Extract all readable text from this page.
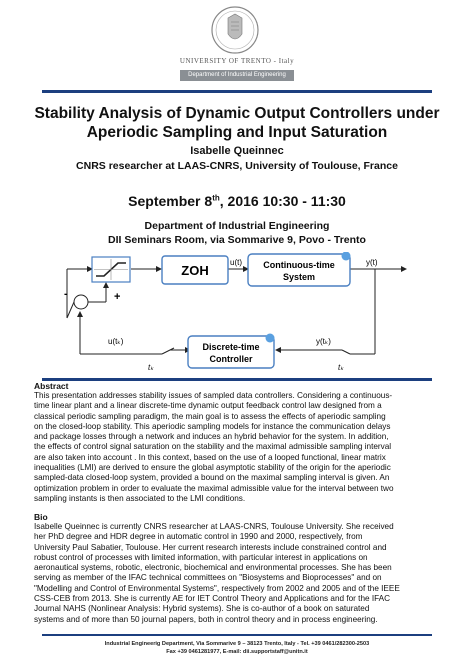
UNIVERSITY OF TRENTO - Italy
Department of Industrial Engineering
Stability Analysis of Dynamic Output Controllers under Aperiodic Sampling and Input Saturation
Isabelle Queinnec
CNRS researcher at LAAS-CNRS, University of Toulouse, France
September 8th, 2016 10:30 - 11:30
Department of Industrial Engineering
DII Seminars Room, via Sommarive 9, Povo - Trento
-	+
ZOH
u(t) Continuous-time
System
y(t)
Discrete-time
Controller
u(tₖ)	y(tₖ)
tₖ	tₖ
Abstract
This presentation addresses stability issues of sampled data controllers. Considering a continuous-
time linear plant and a linear discrete-time dynamic output feedback control law designed from a
classical periodic sampling paradigm, the main goal is to assess the effects of aperiodic sampling
on the closed-loop stability. This aperiodic sampling models for instance the communication delays
and package losses through a network and induces an hybrid behavior for the system. In addition,
the effects of control signal saturation on the stability and the maximal admissible sampling interval
are also taken into account . In this context, based on the use of a looped functional, linear matrix
inequalities (LMI) are derived to ensure the global asymptotic stability of the origin for the aperiodic
sampled-data closed-loop system, provided a bound on the maximal sampling interval is given. An
optimization problem in order to evaluate the maximal admissible value for the interval between two
sampling instants is then associated to the LMI conditions.
Bio
Isabelle Queinnec is currently CNRS researcher at LAAS-CNRS, Toulouse University. She received
her PhD degree and HDR degree in automatic control in 1990 and 2000, respectively, from
University Paul Sabatier, Toulouse. Her current research interests include constrained control and
robust control of processes with limited information, with particular interest in applications on
aeronautical systems, robotic, electronic, biochemical and environmental processes. She has been
serving as member of the IFAC technical committees on "Biosystems and Bioprocesses" and on
"Modelling and Control of Environmental Systems", respectively from 2002 and 2005 and of the IEEE
CSS-CEB from 2013. She is currently AE for IET Control Theory and Applications and for the IFAC
Journal NAHS (Nonlinear Analysis: Hybrid systems). She is co-author of a book on saturated
systems and of more than 50 journal papers, both in control theory and in process engineering.
Industrial Engineerig Department, Via Sommarive 9 – 38123 Trento, Italy - Tel. +39 0461/282300-2503
Fax +39 0461281977, E-mail: dii.supportstaff@unitn.it
